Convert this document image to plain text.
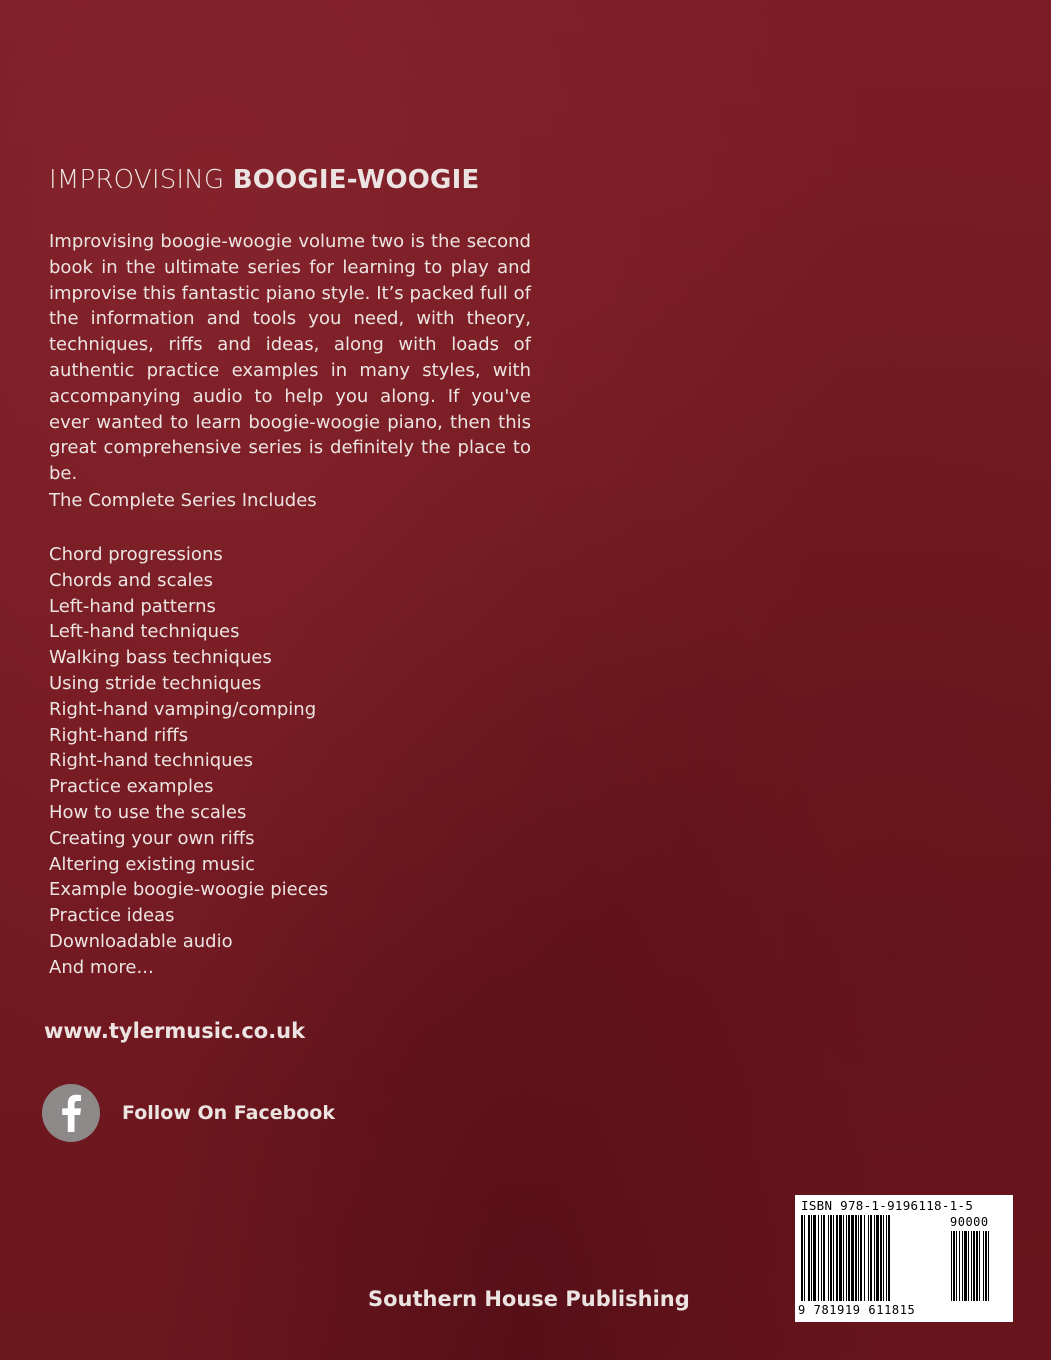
IMPROVISING BOOGIE-WOOGIE

Improvising boogie-woogie volume two is the second book in the ultimate series for learning to play and improvise this fantastic piano style. It’s packed full of the information and tools you need, with theory, techniques, riffs and ideas, along with loads of authentic practice examples in many styles, with accompanying audio to help you along. If you've ever wanted to learn boogie-woogie piano, then this great comprehensive series is definitely the place to be.

The Complete Series Includes

Chord progressions
Chords and scales
Left-hand patterns
Left-hand techniques
Walking bass techniques
Using stride techniques
Right-hand vamping/comping
Right-hand riffs
Right-hand techniques
Practice examples
How to use the scales
Creating your own riffs
Altering existing music
Example boogie-woogie pieces
Practice ideas
Downloadable audio
And more...
www.tylermusic.co.uk
Follow On Facebook
Southern House Publishing
ISBN 978-1-9196118-1-5
90000
9 781919 611815
